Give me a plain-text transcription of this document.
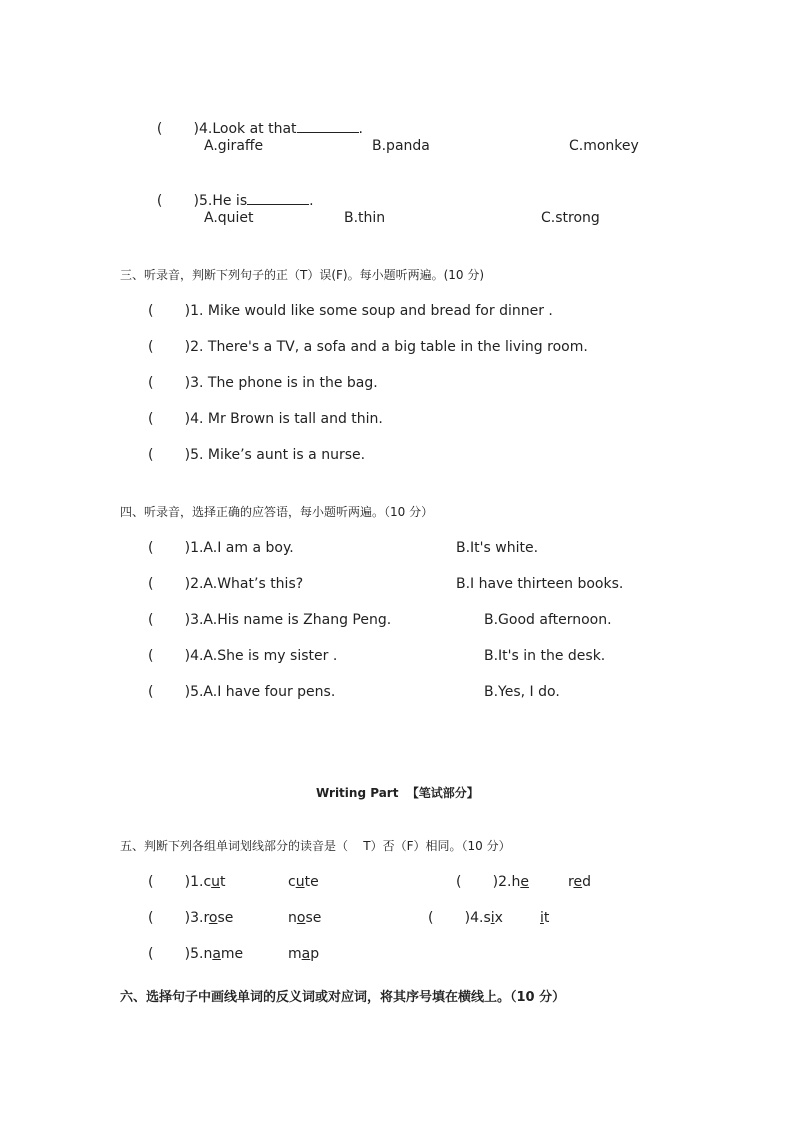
(       )4.Look at that	.

A.giraffe	B.panda	C.monkey

(       )5.He is	.

A.quiet	B.thin	C.strong
三、听录音，判断下列句子的正（T）误(F)。每小题听两遍。(10 分)
(       )1. Mike would like some soup and bread for dinner .
(       )2. There's a TV, a sofa and a big table in the living room.
(       )3. The phone is in the bag.
(       )4. Mr Brown is tall and thin.
(       )5. Mike’s aunt is a nurse.
四、听录音，选择正确的应答语，每小题听两遍。（10 分）
(       )1.A.I am a boy.	B.It's white.
(       )2.A.What’s this?	B.I have thirteen books.
(       )3.A.His name is Zhang Peng.	B.Good afternoon.
(       )4.A.She is my sister .	B.It's in the desk.
(       )5.A.I have four pens.	B.Yes, I do.
Writing Part  【笔试部分】
五、判断下列各组单词划线部分的读音是（    T）否（F）相同。（10 分）
(       )1.cut	cute	(       )2.he	red
(       )3.rose	nose	(       )4.six	it
(       )5.name	map
六、选择句子中画线单词的反义词或对应词，将其序号填在横线上。（10 分）
